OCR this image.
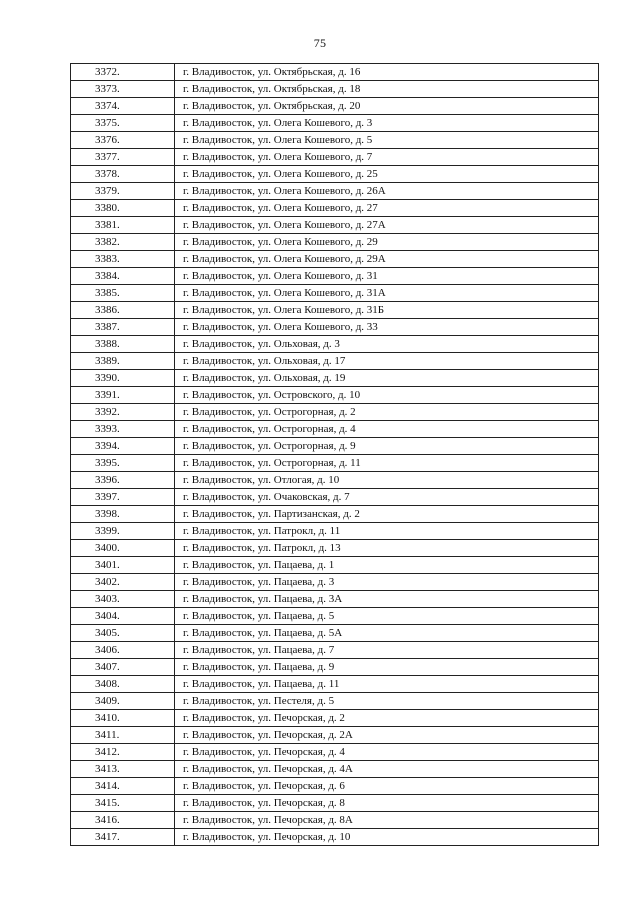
75
3372.	г. Владивосток, ул. Октябрьская, д. 16
3373.	г. Владивосток, ул. Октябрьская, д. 18
3374.	г. Владивосток, ул. Октябрьская, д. 20
3375.	г. Владивосток, ул. Олега Кошевого, д. 3
3376.	г. Владивосток, ул. Олега Кошевого, д. 5
3377.	г. Владивосток, ул. Олега Кошевого, д. 7
3378.	г. Владивосток, ул. Олега Кошевого, д. 25
3379.	г. Владивосток, ул. Олега Кошевого, д. 26А
3380.	г. Владивосток, ул. Олега Кошевого, д. 27
3381.	г. Владивосток, ул. Олега Кошевого, д. 27А
3382.	г. Владивосток, ул. Олега Кошевого, д. 29
3383.	г. Владивосток, ул. Олега Кошевого, д. 29А
3384.	г. Владивосток, ул. Олега Кошевого, д. 31
3385.	г. Владивосток, ул. Олега Кошевого, д. 31А
3386.	г. Владивосток, ул. Олега Кошевого, д. 31Б
3387.	г. Владивосток, ул. Олега Кошевого, д. 33
3388.	г. Владивосток, ул. Ольховая, д. 3
3389.	г. Владивосток, ул. Ольховая, д. 17
3390.	г. Владивосток, ул. Ольховая, д. 19
3391.	г. Владивосток, ул. Островского, д. 10
3392.	г. Владивосток, ул. Острогорная, д. 2
3393.	г. Владивосток, ул. Острогорная, д. 4
3394.	г. Владивосток, ул. Острогорная, д. 9
3395.	г. Владивосток, ул. Острогорная, д. 11
3396.	г. Владивосток, ул. Отлогая, д. 10
3397.	г. Владивосток, ул. Очаковская, д. 7
3398.	г. Владивосток, ул. Партизанская, д. 2
3399.	г. Владивосток, ул. Патрокл, д. 11
3400.	г. Владивосток, ул. Патрокл, д. 13
3401.	г. Владивосток, ул. Пацаева, д. 1
3402.	г. Владивосток, ул. Пацаева, д. 3
3403.	г. Владивосток, ул. Пацаева, д. 3А
3404.	г. Владивосток, ул. Пацаева, д. 5
3405.	г. Владивосток, ул. Пацаева, д. 5А
3406.	г. Владивосток, ул. Пацаева, д. 7
3407.	г. Владивосток, ул. Пацаева, д. 9
3408.	г. Владивосток, ул. Пацаева, д. 11
3409.	г. Владивосток, ул. Пестеля, д. 5
3410.	г. Владивосток, ул. Печорская, д. 2
3411.	г. Владивосток, ул. Печорская, д. 2А
3412.	г. Владивосток, ул. Печорская, д. 4
3413.	г. Владивосток, ул. Печорская, д. 4А
3414.	г. Владивосток, ул. Печорская, д. 6
3415.	г. Владивосток, ул. Печорская, д. 8
3416.	г. Владивосток, ул. Печорская, д. 8А
3417.	г. Владивосток, ул. Печорская, д. 10
